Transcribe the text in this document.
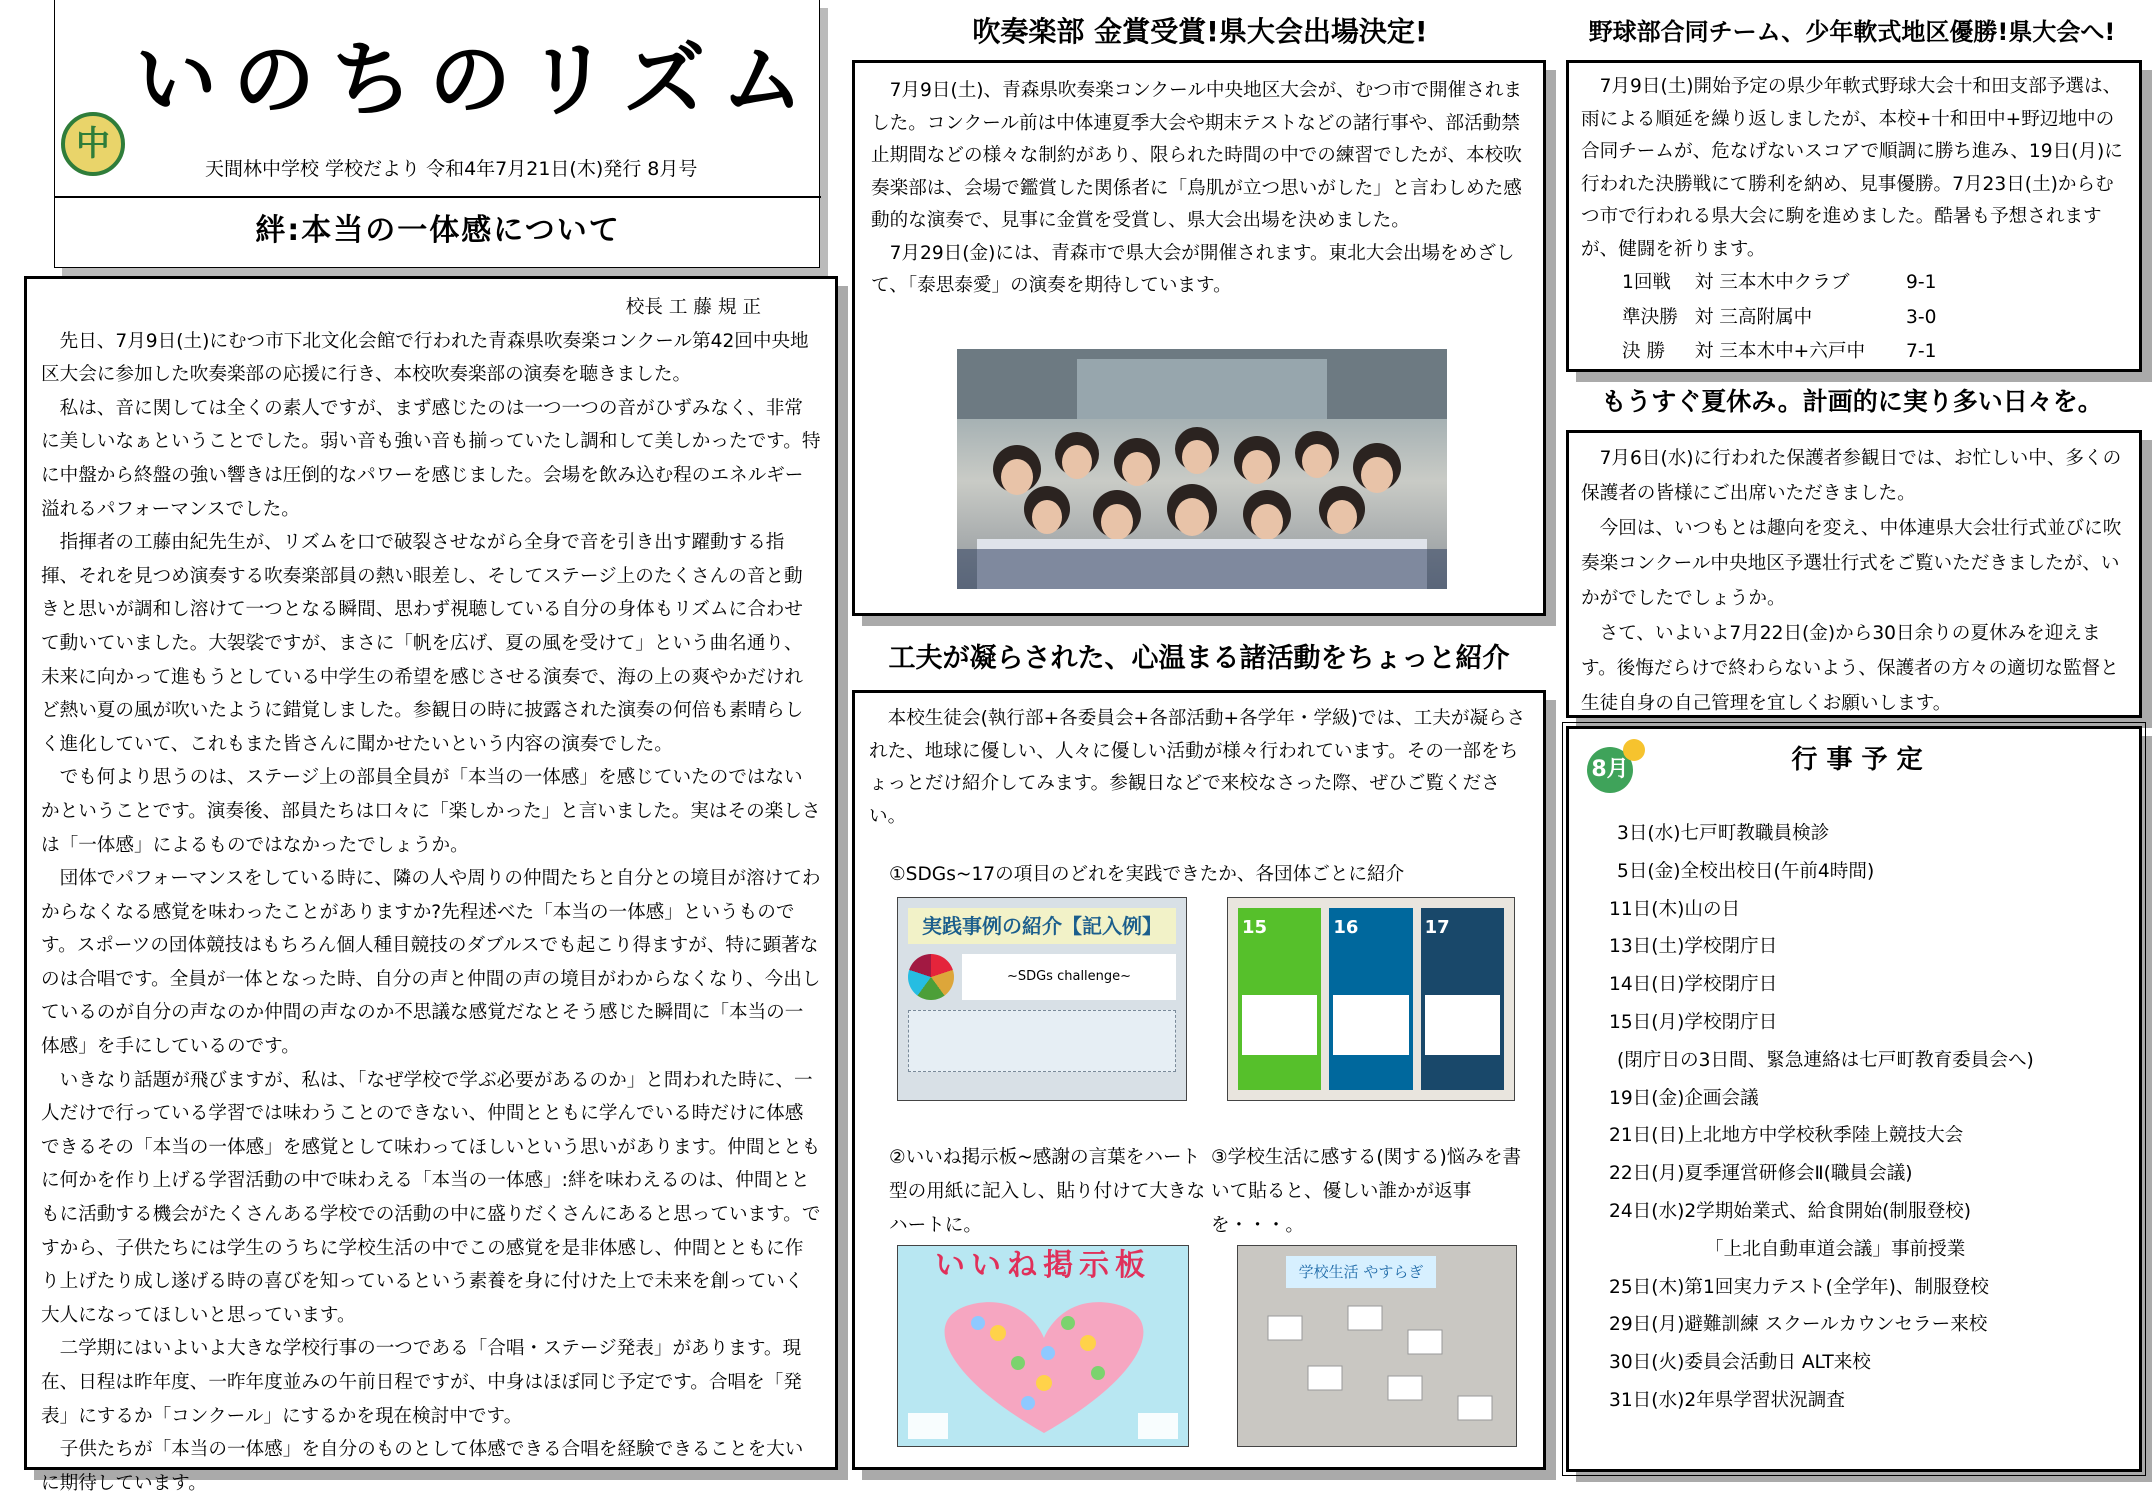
いのちのリズム
中
天間林中学校 学校だより 令和4年7月21日(木)発行 8月号
絆:本当の一体感について
校長 工 藤 規 正

先日、7月9日(土)にむつ市下北文化会館で行われた青森県吹奏楽コンクール第42回中央地区大会に参加した吹奏楽部の応援に行き、本校吹奏楽部の演奏を聴きました。

私は、音に関しては全くの素人ですが、まず感じたのは一つ一つの音がひずみなく、非常に美しいなぁということでした。弱い音も強い音も揃っていたし調和して美しかったです。特に中盤から終盤の強い響きは圧倒的なパワーを感じました。会場を飲み込む程のエネルギー溢れるパフォーマンスでした。

指揮者の工藤由紀先生が、リズムを口で破裂させながら全身で音を引き出す躍動する指揮、それを見つめ演奏する吹奏楽部員の熱い眼差し、そしてステージ上のたくさんの音と動きと思いが調和し溶けて一つとなる瞬間、思わず視聴している自分の身体もリズムに合わせて動いていました。大袈裟ですが、まさに「帆を広げ、夏の風を受けて」という曲名通り、未来に向かって進もうとしている中学生の希望を感じさせる演奏で、海の上の爽やかだけれど熱い夏の風が吹いたように錯覚しました。参観日の時に披露された演奏の何倍も素晴らしく進化していて、これもまた皆さんに聞かせたいという内容の演奏でした。

でも何より思うのは、ステージ上の部員全員が「本当の一体感」を感じていたのではないかということです。演奏後、部員たちは口々に「楽しかった」と言いました。実はその楽しさは「一体感」によるものではなかったでしょうか。

団体でパフォーマンスをしている時に、隣の人や周りの仲間たちと自分との境目が溶けてわからなくなる感覚を味わったことがありますか?先程述べた「本当の一体感」というものです。スポーツの団体競技はもちろん個人種目競技のダブルスでも起こり得ますが、特に顕著なのは合唱です。全員が一体となった時、自分の声と仲間の声の境目がわからなくなり、今出しているのが自分の声なのか仲間の声なのか不思議な感覚だなとそう感じた瞬間に「本当の一体感」を手にしているのです。

いきなり話題が飛びますが、私は、「なぜ学校で学ぶ必要があるのか」と問われた時に、一人だけで行っている学習では味わうことのできない、仲間とともに学んでいる時だけに体感できるその「本当の一体感」を感覚として味わってほしいという思いがあります。仲間とともに何かを作り上げる学習活動の中で味わえる「本当の一体感」:絆を味わえるのは、仲間とともに活動する機会がたくさんある学校での活動の中に盛りだくさんにあると思っています。ですから、子供たちには学生のうちに学校生活の中でこの感覚を是非体感し、仲間とともに作り上げたり成し遂げる時の喜びを知っているという素養を身に付けた上で未来を創っていく大人になってほしいと思っています。

二学期にはいよいよ大きな学校行事の一つである「合唱・ステージ発表」があります。現在、日程は昨年度、一昨年度並みの午前日程ですが、中身はほぼ同じ予定です。合唱を「発表」にするか「コンクール」にするかを現在検討中です。

子供たちが「本当の一体感」を自分のものとして体感できる合唱を経験できることを大いに期待しています。

吹奏楽部 金賞受賞!県大会出場決定!

7月9日(土)、青森県吹奏楽コンクール中央地区大会が、むつ市で開催されました。コンクール前は中体連夏季大会や期末テストなどの諸行事や、部活動禁止期間などの様々な制約があり、限られた時間の中での練習でしたが、本校吹奏楽部は、会場で鑑賞した関係者に「鳥肌が立つ思いがした」と言わしめた感動的な演奏で、見事に金賞を受賞し、県大会出場を決めました。

7月29日(金)には、青森市で県大会が開催されます。東北大会出場をめざして、「泰思泰愛」の演奏を期待しています。

工夫が凝らされた、心温まる諸活動をちょっと紹介

本校生徒会(執行部+各委員会+各部活動+各学年・学級)では、工夫が凝らされた、地球に優しい、人々に優しい活動が様々行われています。その一部をちょっとだけ紹介してみます。参観日などで来校なさった際、ぜひご覧ください。

①SDGs~17の項目のどれを実践できたか、各団体ごとに紹介
実践事例の紹介【記入例】
~SDGs challenge~
15	16	17
②いいね掲示板~感謝の言葉をハート型の用紙に記入し、貼り付けて大きなハートに。
③学校生活に感する(関する)悩みを書いて貼ると、優しい誰かが返事を・・・。
いいね掲示板	学校生活 やすらぎ
野球部合同チーム、少年軟式地区優勝!県大会へ!

7月9日(土)開始予定の県少年軟式野球大会十和田支部予選は、雨による順延を繰り返しましたが、本校+十和田中+野辺地中の合同チームが、危なげないスコアで順調に勝ち進み、19日(月)に行われた決勝戦にて勝利を納め、見事優勝。7月23日(土)からむつ市で行われる県大会に駒を進めました。酷暑も予想されますが、健闘を祈ります。

1回戦	対 三本木中クラブ	9-1
準決勝	対 三高附属中	3-0
決 勝	対 三本木中+六戸中	7-1
もうすぐ夏休み。計画的に実り多い日々を。

7月6日(水)に行われた保護者参観日では、お忙しい中、多くの保護者の皆様にご出席いただきました。

今回は、いつもとは趣向を変え、中体連県大会壮行式並びに吹奏楽コンクール中央地区予選壮行式をご覧いただきましたが、いかがでしたでしょうか。

さて、いよいよ7月22日(金)から30日余りの夏休みを迎えます。後悔だらけで終わらないよう、保護者の方々の適切な監督と生徒自身の自己管理を宜しくお願いします。

8月	行 事 予 定
3日(水)七戸町教職員検診
5日(金)全校出校日(午前4時間)
11日(木)山の日
13日(土)学校閉庁日
14日(日)学校閉庁日
15日(月)学校閉庁日
(閉庁日の3日間、緊急連絡は七戸町教育委員会へ)
19日(金)企画会議
21日(日)上北地方中学校秋季陸上競技大会
22日(月)夏季運営研修会Ⅱ(職員会議)
24日(水)2学期始業式、給食開始(制服登校)
「上北自動車道会議」事前授業
25日(木)第1回実力テスト(全学年)、制服登校
29日(月)避難訓練 スクールカウンセラー来校
30日(火)委員会活動日 ALT来校
31日(水)2年県学習状況調査
